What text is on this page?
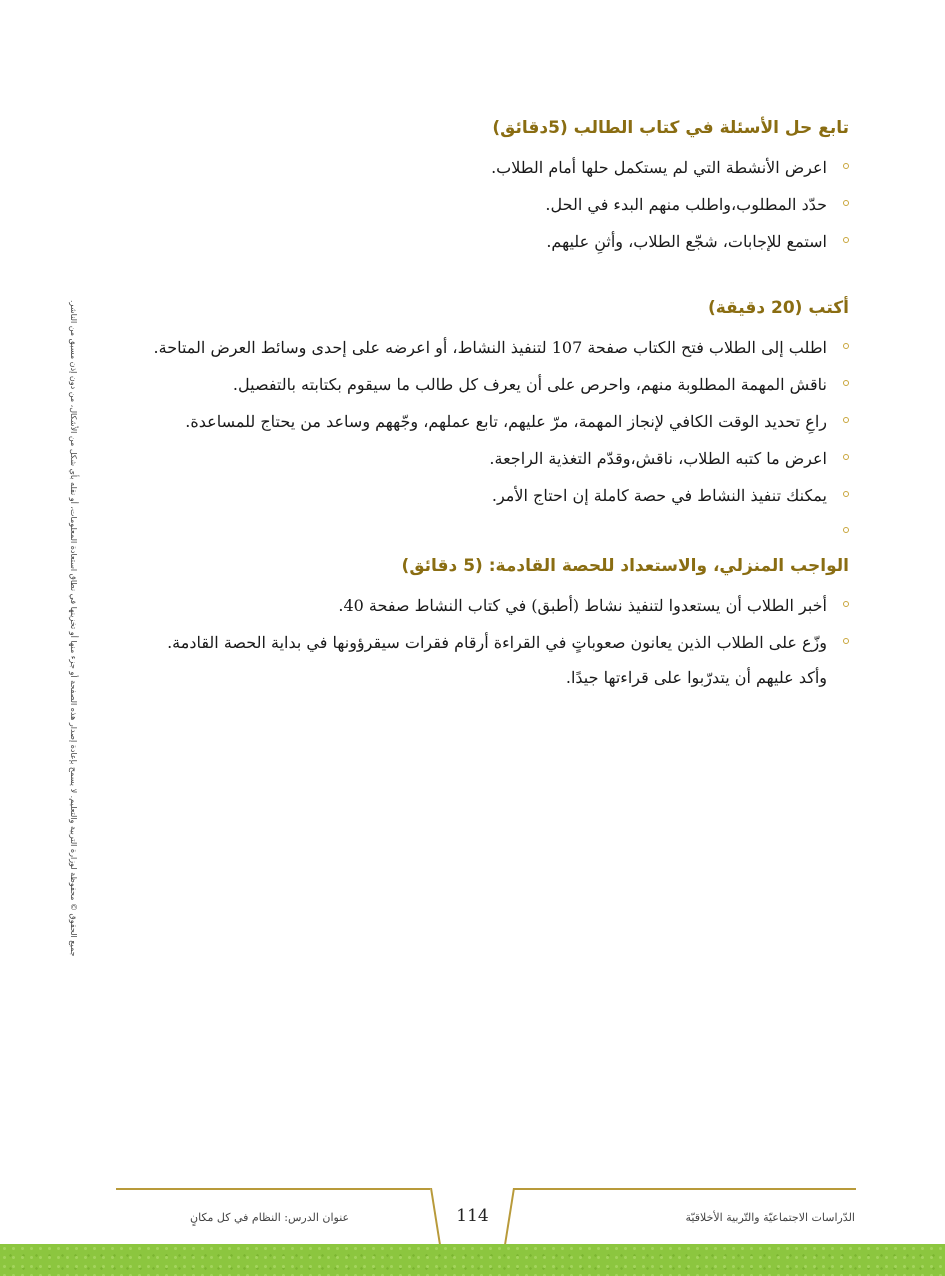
تابع حل الأسئلة في كتاب الطالب (5دقائق)
اعرض الأنشطة التي لم يستكمل حلها أمام الطلاب.
حدّد المطلوب،واطلب منهم البدء في الحل.
استمع للإجابات، شجّع الطلاب، وأثنِ عليهم.
أكتب (20 دقيقة)
اطلب إلى الطلاب فتح الكتاب صفحة 107 لتنفيذ النشاط، أو اعرضه على إحدى وسائط العرض المتاحة.
ناقش المهمة المطلوبة منهم، واحرص على أن يعرف كل طالب ما سيقوم بكتابته بالتفصيل.
راعِ تحديد الوقت الكافي لإنجاز المهمة، مرّ عليهم، تابع عملهم، وجّههم وساعد من يحتاج للمساعدة.
اعرض ما كتبه الطلاب، ناقش،وقدّم التغذية الراجعة.
يمكنك تنفيذ النشاط في حصة كاملة إن احتاج الأمر.
الواجب المنزلي، والاستعداد للحصة القادمة: (5 دقائق)
أخبر الطلاب أن يستعدوا لتنفيذ نشاط (أطبق) في كتاب النشاط صفحة 40.
وزّع على الطلاب الذين يعانون صعوباتٍ في القراءة أرقام فقرات سيقرؤونها في بداية الحصة القادمة.
وأكد عليهم أن يتدرّبوا على قراءتها جيدًا.
جميع الحقوق © محفوظة لوزارة التربية والتعليم. لا يسمح بإعادة إصدار هذه الصفحة أو جزء منها أو تخزينها في نطاق استعادة المعلومات، أو نقله بأي شكل من الأشكال، من دون إذن مسبق من الناشر.
114
عنوان الدرس: النظام في كل مكانٍ	الدّراسات الاجتماعيّة والتّربية الأخلاقيّة
